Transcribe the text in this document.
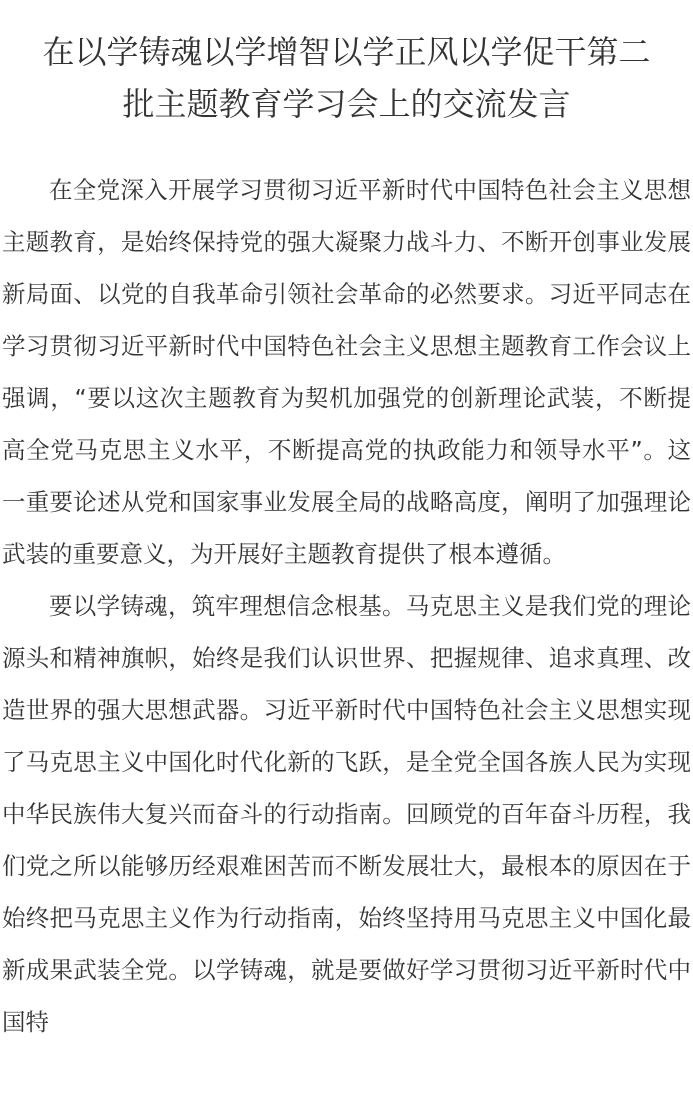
在以学铸魂以学增智以学正风以学促干第二
批主题教育学习会上的交流发言

在全党深入开展学习贯彻习近平新时代中国特色社会主义思想主题教育，是始终保持党的强大凝聚力战斗力、不断开创事业发展新局面、以党的自我革命引领社会革命的必然要求。习近平同志在学习贯彻习近平新时代中国特色社会主义思想主题教育工作会议上强调，“要以这次主题教育为契机加强党的创新理论武装，不断提高全党马克思主义水平，不断提高党的执政能力和领导水平”。这一重要论述从党和国家事业发展全局的战略高度，阐明了加强理论武装的重要意义，为开展好主题教育提供了根本遵循。

要以学铸魂，筑牢理想信念根基。马克思主义是我们党的理论源头和精神旗帜，始终是我们认识世界、把握规律、追求真理、改造世界的强大思想武器。习近平新时代中国特色社会主义思想实现了马克思主义中国化时代化新的飞跃，是全党全国各族人民为实现中华民族伟大复兴而奋斗的行动指南。回顾党的百年奋斗历程，我们党之所以能够历经艰难困苦而不断发展壮大，最根本的原因在于始终把马克思主义作为行动指南，始终坚持用马克思主义中国化最新成果武装全党。以学铸魂，就是要做好学习贯彻习近平新时代中国特
